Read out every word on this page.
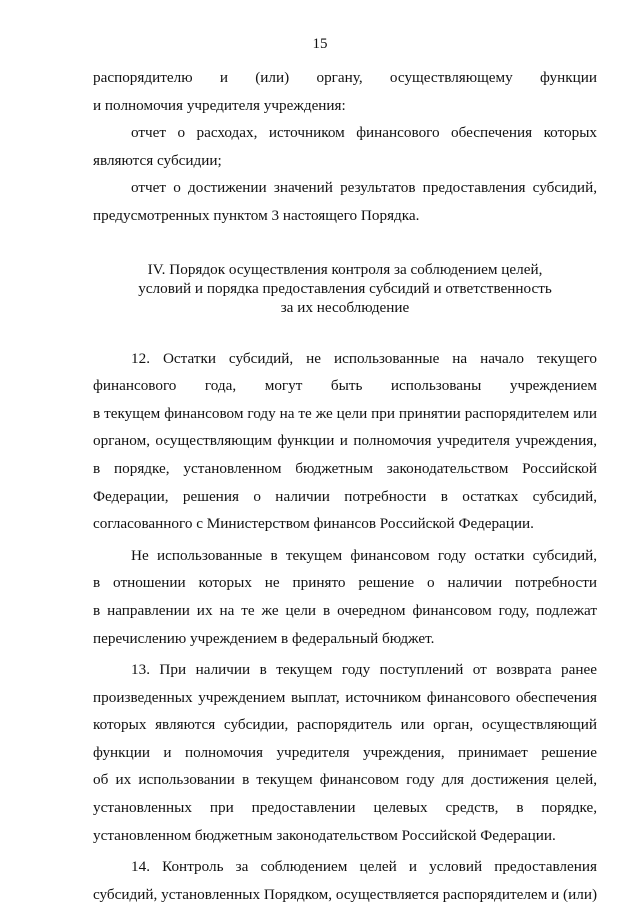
15

распорядителю и (или) органу, осуществляющему функции
и полномочия учредителя учреждения:

отчет о расходах, источником финансового обеспечения которых
являются субсидии;

отчет о достижении значений результатов предоставления субсидий,
предусмотренных пунктом 3 настоящего Порядка.

IV. Порядок осуществления контроля за соблюдением целей,
условий и порядка предоставления субсидий и ответственность
за их несоблюдение

12. Остатки субсидий, не использованные на начало текущего
финансового года, могут быть использованы учреждением
в текущем финансовом году на те же цели при принятии распорядителем или
органом, осуществляющим функции и полномочия учредителя учреждения,
в порядке, установленном бюджетным законодательством Российской
Федерации, решения о наличии потребности в остатках субсидий,
согласованного с Министерством финансов Российской Федерации.

Не использованные в текущем финансовом году остатки субсидий,
в отношении которых не принято решение о наличии потребности
в направлении их на те же цели в очередном финансовом году, подлежат
перечислению учреждением в федеральный бюджет.

13. При наличии в текущем году поступлений от возврата ранее
произведенных учреждением выплат, источником финансового обеспечения
которых являются субсидии, распорядитель или орган, осуществляющий
функции и полномочия учредителя учреждения, принимает решение
об их использовании в текущем финансовом году для достижения целей,
установленных при предоставлении целевых средств, в порядке,
установленном бюджетным законодательством Российской Федерации.

14. Контроль за соблюдением целей и условий предоставления
субсидий, установленных Порядком, осуществляется распорядителем и (или)
